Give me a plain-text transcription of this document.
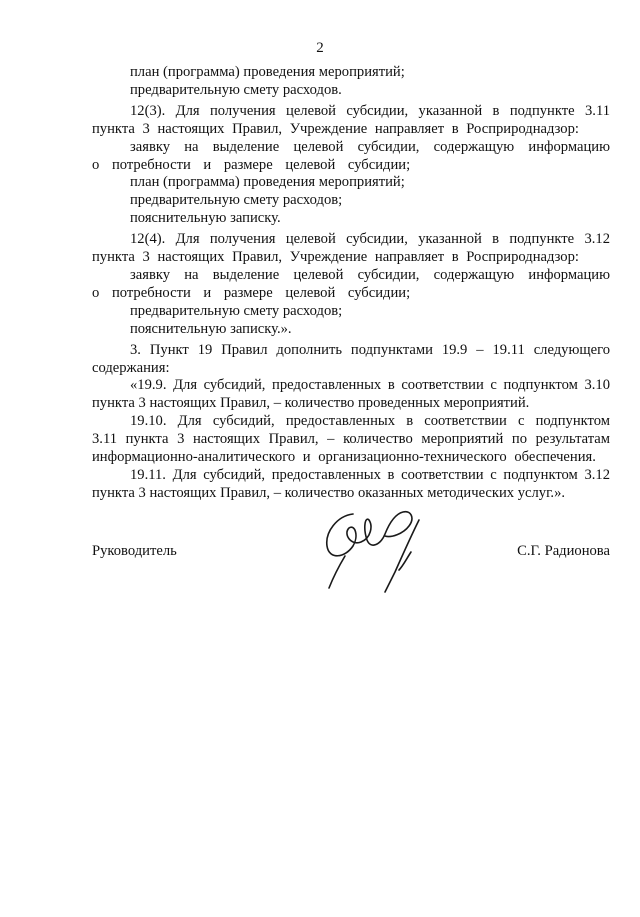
2

план (программа) проведения мероприятий;

предварительную смету расходов.

12(3). Для получения целевой субсидии, указанной в подпункте 3.11 пункта 3 настоящих Правил, Учреждение направляет в Росприроднадзор:

заявку на выделение целевой субсидии, содержащую информацию о потребности и размере целевой субсидии;

план (программа) проведения мероприятий;

предварительную смету расходов;

пояснительную записку.

12(4). Для получения целевой субсидии, указанной в подпункте 3.12 пункта 3 настоящих Правил, Учреждение направляет в Росприроднадзор:

заявку на выделение целевой субсидии, содержащую информацию о потребности и размере целевой субсидии;

предварительную смету расходов;

пояснительную записку.».

3. Пункт 19 Правил дополнить подпунктами 19.9 – 19.11 следующего содержания:

«19.9. Для субсидий, предоставленных в соответствии с подпунктом 3.10 пункта 3 настоящих Правил, – количество проведенных мероприятий.

19.10. Для субсидий, предоставленных в соответствии с подпунктом 3.11 пункта 3 настоящих Правил, – количество мероприятий по результатам информационно-аналитического и организационно-технического обеспечения.

19.11. Для субсидий, предоставленных в соответствии с подпунктом 3.12 пункта 3 настоящих Правил, – количество оказанных методических услуг.».

Руководитель	С.Г. Радионова
